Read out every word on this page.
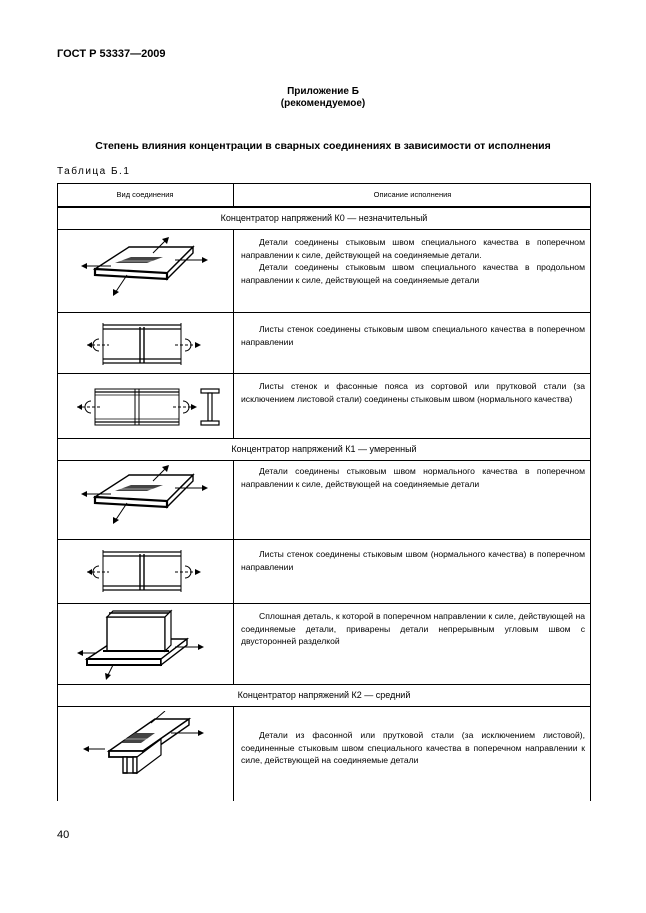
ГОСТ Р 53337—2009
Приложение Б
(рекомендуемое)
Степень влияния концентрации в сварных соединениях в зависимости от исполнения
Таблица Б.1
Вид соединения	Описание исполнения
Концентратор напряжений К0 — незначительный

Детали соединены стыковым швом специального качества в поперечном направлении к силе, действующей на соединяемые детали.

Детали соединены стыковым швом специального качества в продольном направлении к силе, действующей на соединяемые детали

Листы стенок соединены стыковым швом специального качества в поперечном направлении

Листы стенок и фасонные пояса из сортовой или прутковой стали (за исключением листовой стали) соединены стыковым швом (нормального качества)

Концентратор напряжений К1 — умеренный

Детали соединены стыковым швом нормального качества в поперечном направлении к силе, действующей на соединяемые детали

Листы стенок соединены стыковым швом (нормального качества) в поперечном направлении

Сплошная деталь, к которой в поперечном направлении к силе, действующей на соединяемые детали, приварены детали непрерывным угловым швом с двусторонней разделкой

Концентратор напряжений К2 — средний

Детали из фасонной или прутковой стали (за исключением листовой), соединенные стыковым швом специального качества в поперечном направлении к силе, действующей на соединяемые детали

40
